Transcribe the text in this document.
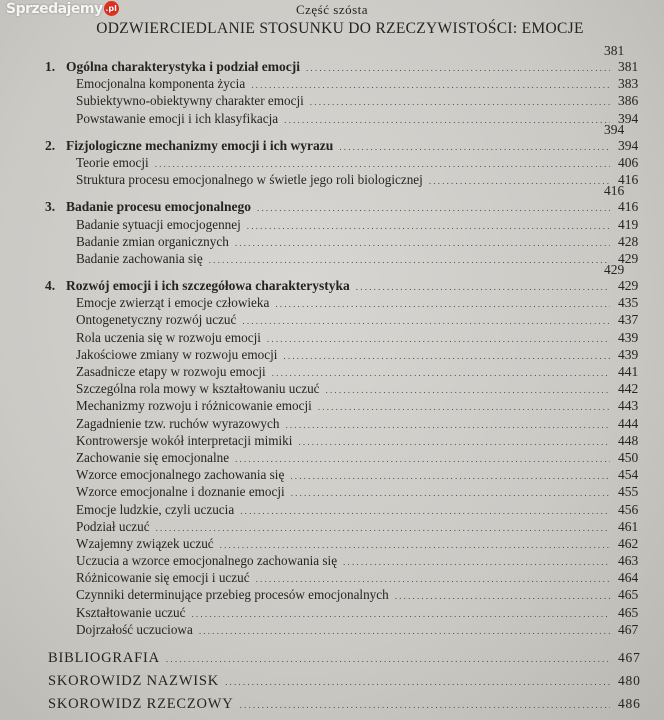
Część szósta
ODZWIERCIEDLANIE STOSUNKU DO RZECZYWISTOŚCI: EMOCJE
381
1. Ogólna charakterystyka i podział emocji .....	381
Emocjonalna komponenta życia .....	383
Subiektywno-obiektywny charakter emocji .....	386
Powstawanie emocji i ich klasyfikacja .....	394
394
2. Fizjologiczne mechanizmy emocji i ich wyrazu .....	394
Teorie emocji .....	406
Struktura procesu emocjonalnego w świetle jego roli biologicznej .....	416
416
3. Badanie procesu emocjonalnego .....	416
Badanie sytuacji emocjogennej .....	419
Badanie zmian organicznych .....	428
Badanie zachowania się .....	429
429
4. Rozwój emocji i ich szczegółowa charakterystyka .....	429
Emocje zwierząt i emocje człowieka .....	435
Ontogenetyczny rozwój uczuć .....	437
Rola uczenia się w rozwoju emocji .....	439
Jakościowe zmiany w rozwoju emocji .....	439
Zasadnicze etapy w rozwoju emocji .....	441
Szczególna rola mowy w kształtowaniu uczuć .....	442
Mechanizmy rozwoju i różnicowanie emocji .....	443
Zagadnienie tzw. ruchów wyrazowych .....	444
Kontrowersje wokół interpretacji mimiki .....	448
Zachowanie się emocjonalne .....	450
Wzorce emocjonalnego zachowania się .....	454
Wzorce emocjonalne i doznanie emocji .....	455
Emocje ludzkie, czyli uczucia .....	456
Podział uczuć .....	461
Wzajemny związek uczuć .....	462
Uczucia a wzorce emocjonalnego zachowania się .....	463
Różnicowanie się emocji i uczuć .....	464
Czynniki determinujące przebieg procesów emocjonalnych .....	465
Kształtowanie uczuć .....	465
Dojrzałość uczuciowa .....	467
BIBLIOGRAFIA .....	467
SKOROWIDZ NAZWISK .....	480
SKOROWIDZ RZECZOWY .....	486
Sprzedajemy .pl
